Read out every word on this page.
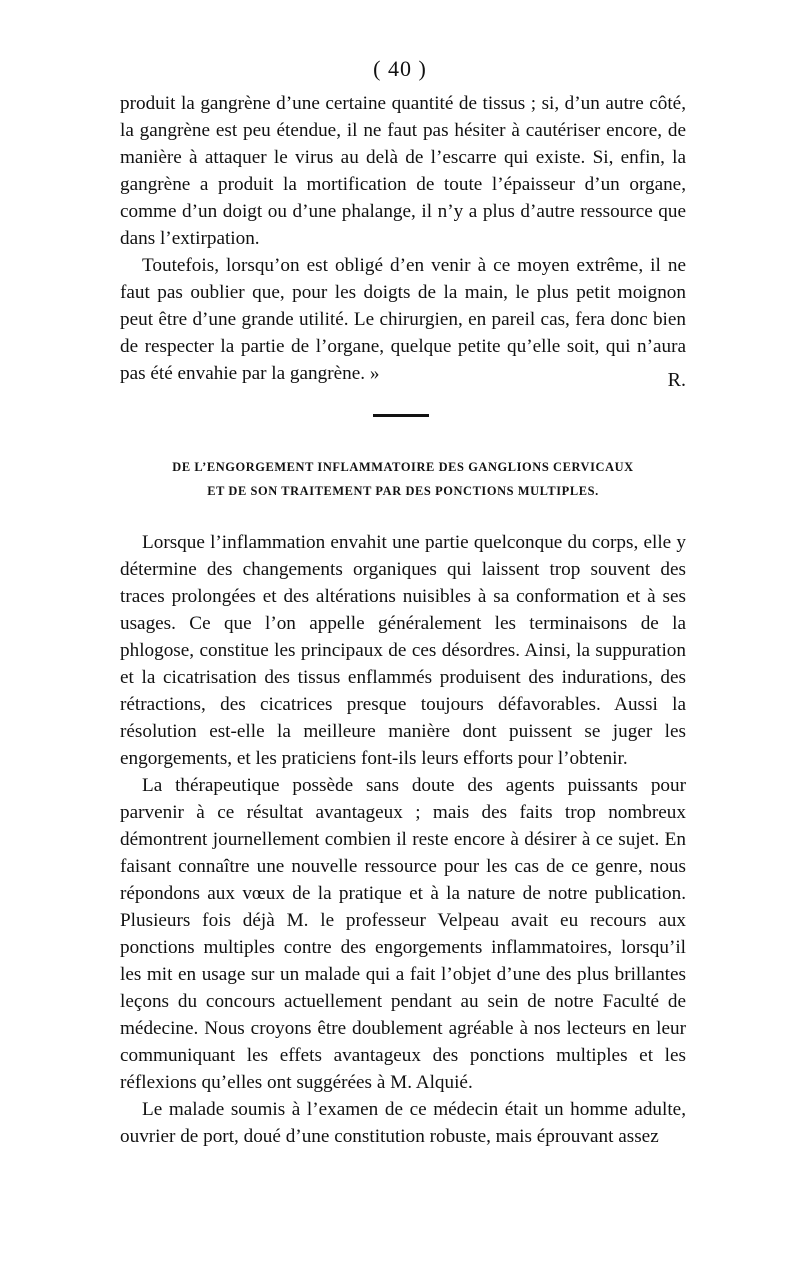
( 40 )

produit la gangrène d’une certaine quantité de tissus ; si, d’un autre côté, la gangrène est peu étendue, il ne faut pas hésiter à cautériser encore, de manière à attaquer le virus au delà de l’escarre qui existe. Si, enfin, la gangrène a produit la mortification de toute l’épaisseur d’un organe, comme d’un doigt ou d’une phalange, il n’y a plus d’autre ressource que dans l’extirpation.

Toutefois, lorsqu’on est obligé d’en venir à ce moyen extrême, il ne faut pas oublier que, pour les doigts de la main, le plus petit moignon peut être d’une grande utilité. Le chirurgien, en pareil cas, fera donc bien de respecter la partie de l’organe, quelque petite qu’elle soit, qui n’aura pas été envahie par la gangrène. »	R.
DE L’ENGORGEMENT INFLAMMATOIRE DES GANGLIONS CERVICAUX
ET DE SON TRAITEMENT PAR DES PONCTIONS MULTIPLES.

Lorsque l’inflammation envahit une partie quelconque du corps, elle y détermine des changements organiques qui laissent trop souvent des traces prolongées et des altérations nuisibles à sa conformation et à ses usages. Ce que l’on appelle généralement les terminaisons de la phlogose, constitue les principaux de ces désordres. Ainsi, la suppuration et la cicatrisation des tissus enflammés produisent des indurations, des rétractions, des cicatrices presque toujours défavorables. Aussi la résolution est-elle la meilleure manière dont puissent se juger les engorgements, et les praticiens font-ils leurs efforts pour l’obtenir.

La thérapeutique possède sans doute des agents puissants pour parvenir à ce résultat avantageux ; mais des faits trop nombreux démontrent journellement combien il reste encore à désirer à ce sujet. En faisant connaître une nouvelle ressource pour les cas de ce genre, nous répondons aux vœux de la pratique et à la nature de notre publication. Plusieurs fois déjà M. le professeur Velpeau avait eu recours aux ponctions multiples contre des engorgements inflammatoires, lorsqu’il les mit en usage sur un malade qui a fait l’objet d’une des plus brillantes leçons du concours actuellement pendant au sein de notre Faculté de médecine. Nous croyons être doublement agréable à nos lecteurs en leur communiquant les effets avantageux des ponctions multiples et les réflexions qu’elles ont suggérées à M. Alquié.

Le malade soumis à l’examen de ce médecin était un homme adulte, ouvrier de port, doué d’une constitution robuste, mais éprouvant assez
